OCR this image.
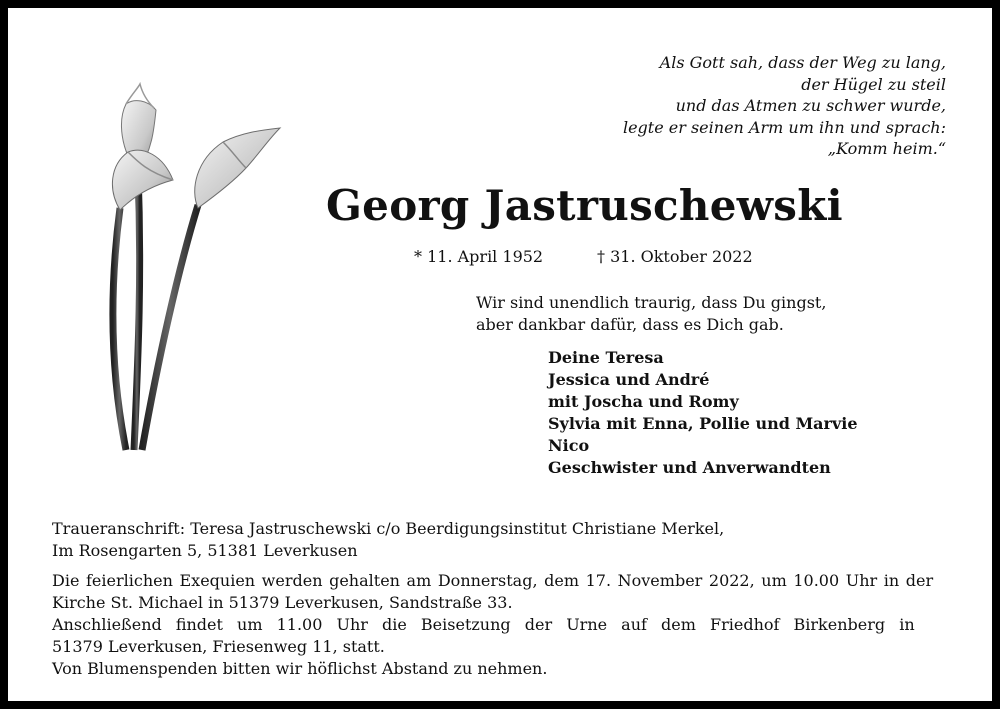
Als Gott sah, dass der Weg zu lang,
der Hügel zu steil
und das Atmen zu schwer wurde,
legte er seinen Arm um ihn und sprach:
„Komm heim.“
Georg Jastruschewski
* 11. April 1952	† 31. Oktober 2022
Wir sind unendlich traurig, dass Du gingst,
aber dankbar dafür, dass es Dich gab.
Deine Teresa
Jessica und André
mit Joscha und Romy
Sylvia mit Enna, Pollie und Marvie
Nico
Geschwister und Anverwandten
Traueranschrift: Teresa Jastruschewski c/o Beerdigungsinstitut Christiane Merkel,
Im Rosengarten 5, 51381 Leverkusen
Die feierlichen Exequien werden gehalten am Donnerstag, dem 17. November 2022, um 10.00 Uhr in der
Kirche St. Michael in 51379 Leverkusen, Sandstraße 33.
Anschließend findet um 11.00 Uhr die Beisetzung der Urne auf dem Friedhof Birkenberg in
51379 Leverkusen, Friesenweg 11, statt.
Von Blumenspenden bitten wir höflichst Abstand zu nehmen.
